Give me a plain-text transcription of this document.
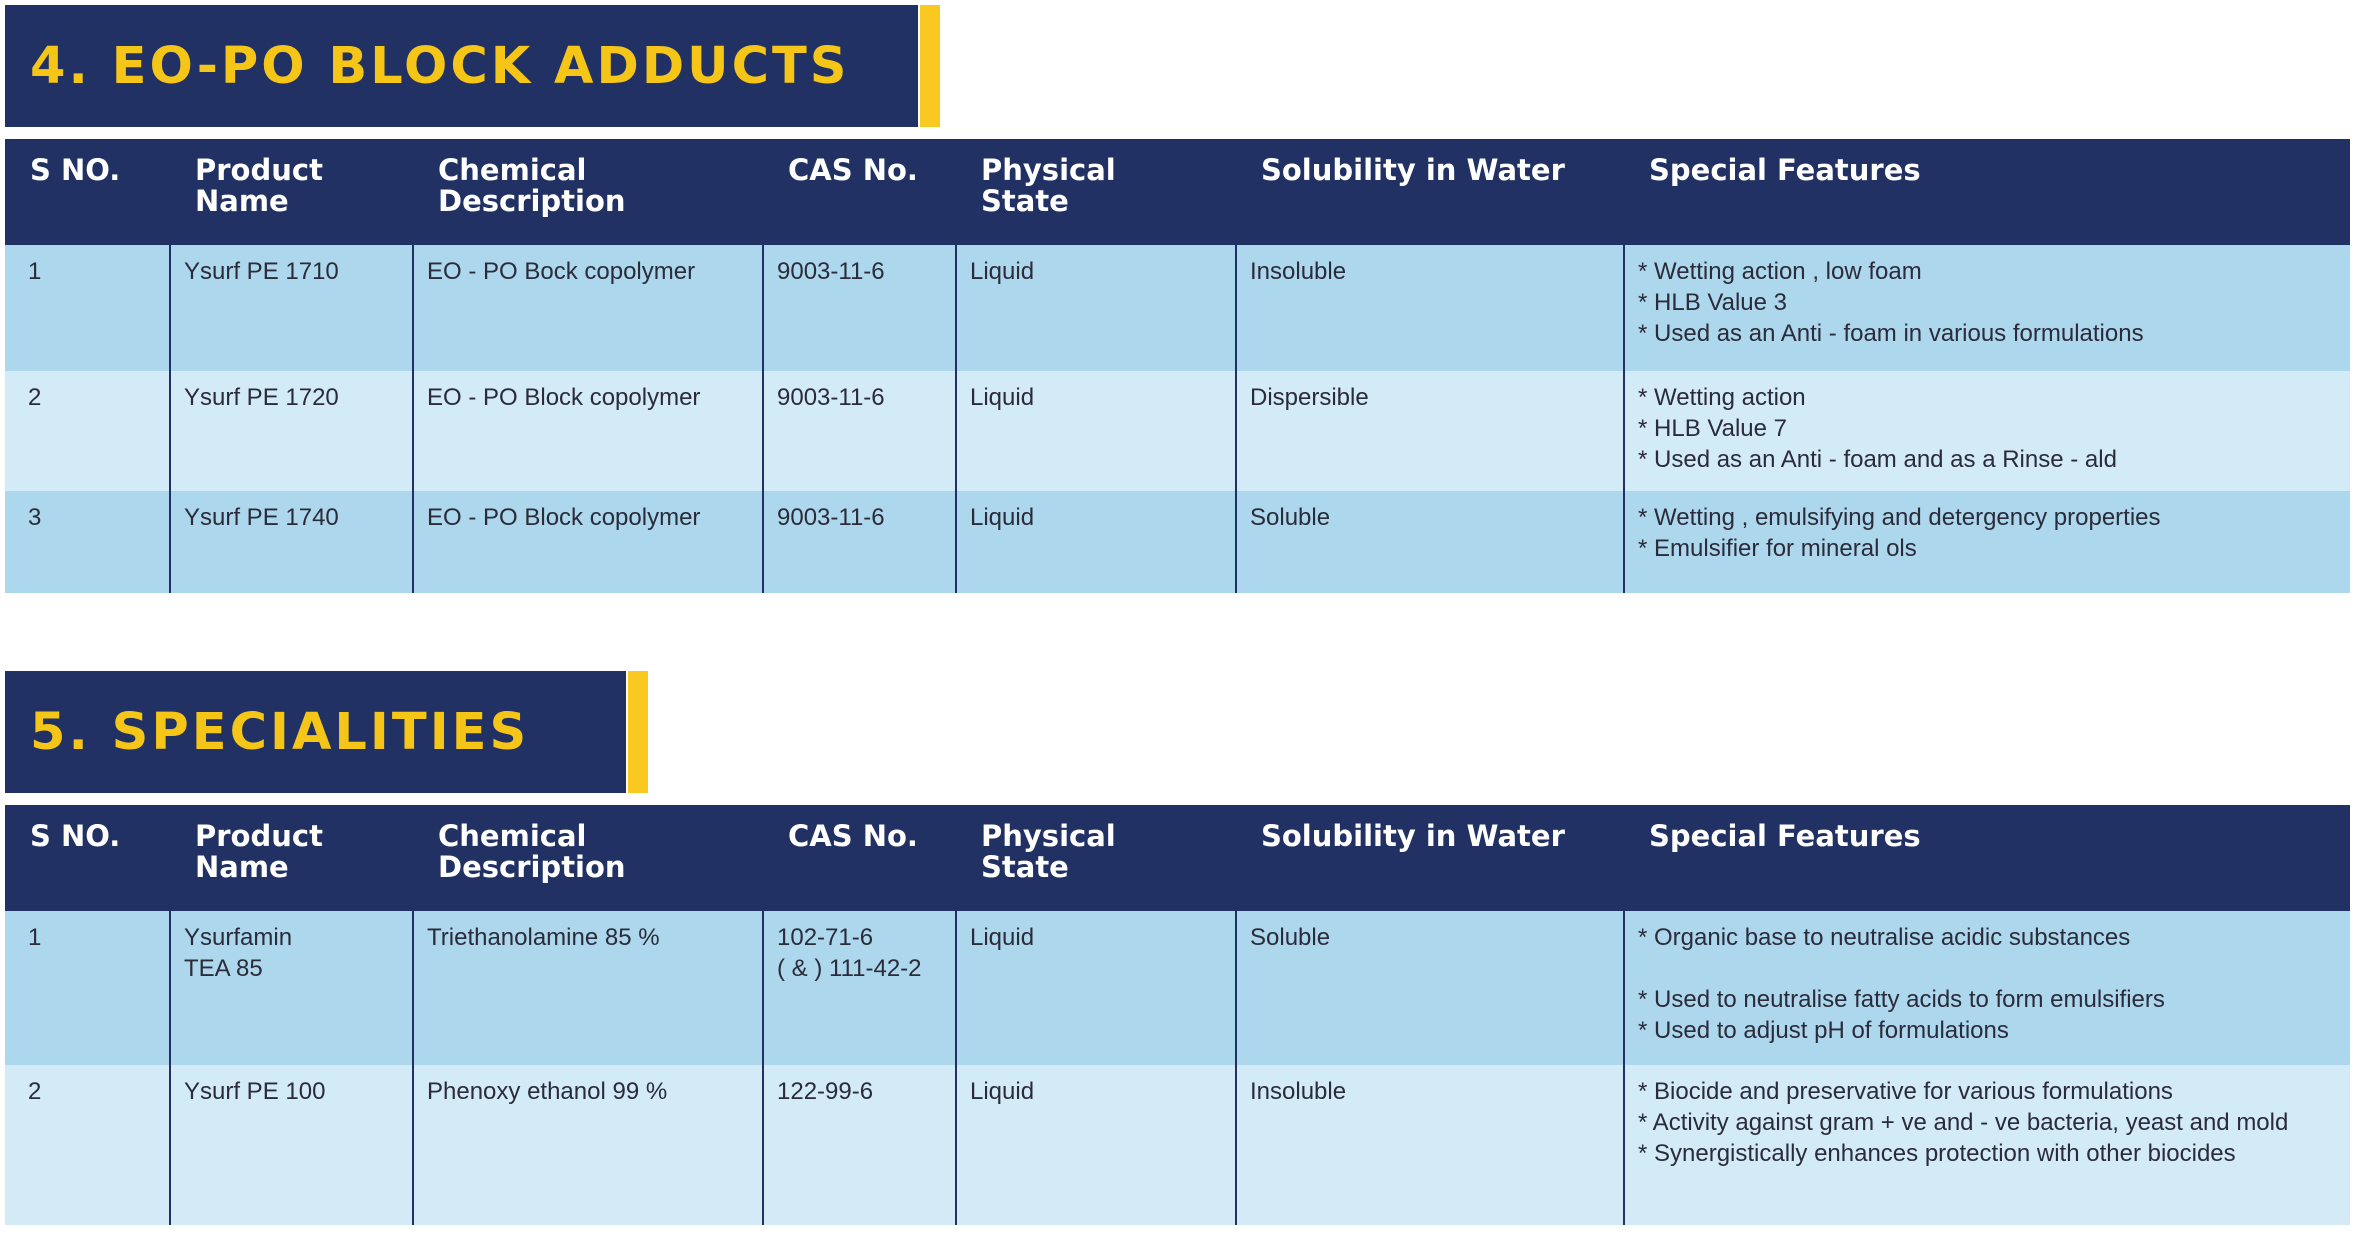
4. EO-PO BLOCK ADDUCTS
S NO.	Product
Name	Chemical Description	CAS No.	Physical
State	Solubility in Water	Special Features
1	Ysurf PE 1710	EO - PO Bock copolymer	9003-11-6	Liquid	Insoluble	* Wetting action , low foam
* HLB Value 3
* Used as an Anti - foam in various formulations

2	Ysurf PE 1720	EO - PO Block copolymer	9003-11-6	Liquid	Dispersible	* Wetting action
* HLB Value 7
* Used as an Anti - foam and as a Rinse - ald

3	Ysurf PE 1740	EO - PO Block copolymer	9003-11-6	Liquid	Soluble	* Wetting , emulsifying and detergency properties
* Emulsifier for mineral ols
5. SPECIALITIES
S NO.	Product
Name	Chemical Description	CAS No.	Physical
State	Solubility in Water	Special Features
1	Ysurfamin
TEA 85	Triethanolamine 85 %	102-71-6
( & ) 111-42-2	Liquid	Soluble	* Organic base to neutralise acidic substances
* Used to neutralise fatty acids to form emulsifiers
* Used to adjust pH of formulations

2	Ysurf PE 100	Phenoxy ethanol 99 %	122-99-6	Liquid	Insoluble	* Biocide and preservative for various formulations
* Activity against gram + ve and - ve bacteria, yeast and mold
* Synergistically enhances protection with other biocides
